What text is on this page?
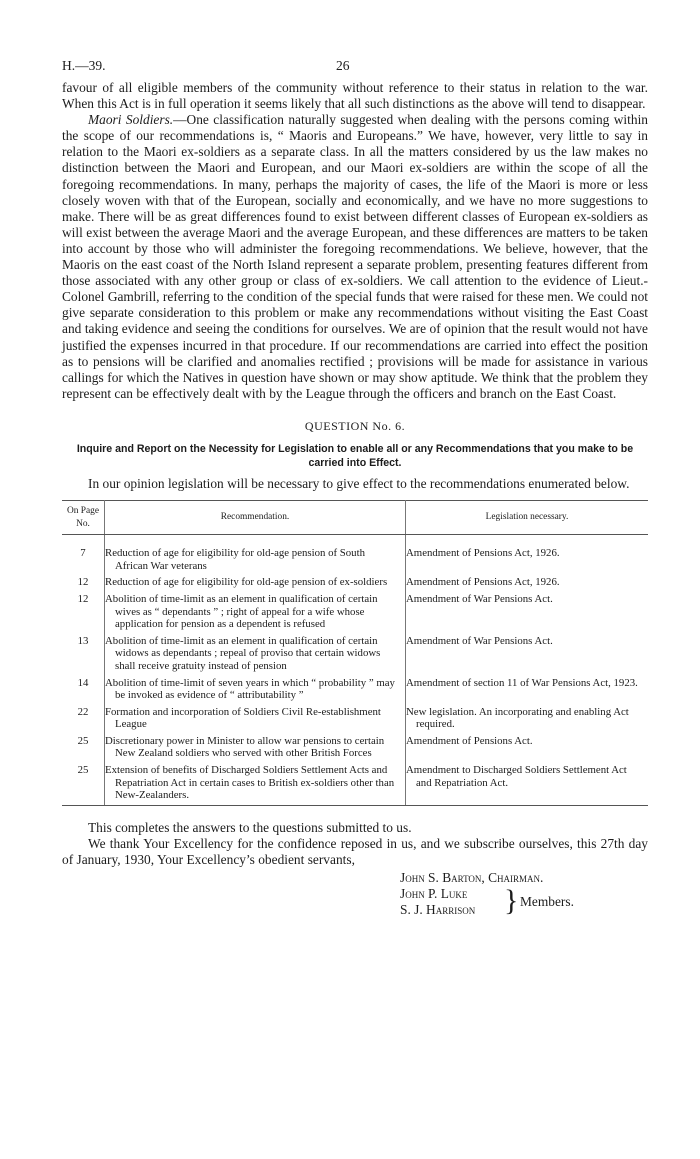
H.—39.	26

favour of all eligible members of the community without reference to their status in relation to the war. When this Act is in full operation it seems likely that all such distinctions as the above will tend to disappear.

Maori Soldiers.—One classification naturally suggested when dealing with the persons coming within the scope of our recommendations is, “ Maoris and Europeans.” We have, however, very little to say in relation to the Maori ex-soldiers as a separate class. In all the matters considered by us the law makes no distinction between the Maori and European, and our Maori ex-soldiers are within the scope of all the foregoing recommendations. In many, perhaps the majority of cases, the life of the Maori is more or less closely woven with that of the European, socially and economically, and we have no more suggestions to make. There will be as great differences found to exist between different classes of European ex-soldiers as will exist between the average Maori and the average European, and these differences are matters to be taken into account by those who will administer the foregoing recommendations. We believe, however, that the Maoris on the east coast of the North Island represent a separate problem, presenting features different from those associated with any other group or class of ex-soldiers. We call attention to the evidence of Lieut.-Colonel Gambrill, referring to the condition of the special funds that were raised for these men. We could not give separate consideration to this problem or make any recommendations without visiting the East Coast and taking evidence and seeing the conditions for ourselves. We are of opinion that the result would not have justified the expenses incurred in that procedure. If our recommendations are carried into effect the position as to pensions will be clarified and anomalies rectified ; provisions will be made for assistance in various callings for which the Natives in question have shown or may show aptitude. We think that the problem they represent can be effectively dealt with by the League through the officers and branch on the East Coast.

QUESTION No. 6.
Inquire and Report on the Necessity for Legislation to enable all or any Recommendations that you make to be carried into Effect.

In our opinion legislation will be necessary to give effect to the recommendations enumerated below.

On Page No.	Recommendation.	Legislation necessary.
7	Reduction of age for eligibility for old-age pension of South African War veterans	Amendment of Pensions Act, 1926.
12	Reduction of age for eligibility for old-age pension of ex-soldiers	Amendment of Pensions Act, 1926.
12	Abolition of time-limit as an element in qualification of certain wives as “ dependants ” ; right of appeal for a wife whose application for pension as a dependent is refused	Amendment of War Pensions Act.
13	Abolition of time-limit as an element in qualification of certain widows as dependants ; repeal of proviso that certain widows shall receive gratuity instead of pension	Amendment of War Pensions Act.
14	Abolition of time-limit of seven years in which “ probability ” may be invoked as evidence of “ attributability ”	Amendment of section 11 of War Pensions Act, 1923.
22	Formation and incorporation of Soldiers Civil Re-establishment League	New legislation. An incorporating and enabling Act required.
25	Discretionary power in Minister to allow war pensions to certain New Zealand soldiers who served with other British Forces	Amendment of Pensions Act.
25	Extension of benefits of Discharged Soldiers Settlement Acts and Repatriation Act in certain cases to British ex-soldiers other than New-Zealanders.	Amendment to Discharged Soldiers Settlement Act and Repatriation Act.

This completes the answers to the questions submitted to us.

We thank Your Excellency for the confidence reposed in us, and we subscribe ourselves, this 27th day of January, 1930, Your Excellency’s obedient servants,

John S. Barton, Chairman.
John P. Luke
S. J. Harrison } Members.
